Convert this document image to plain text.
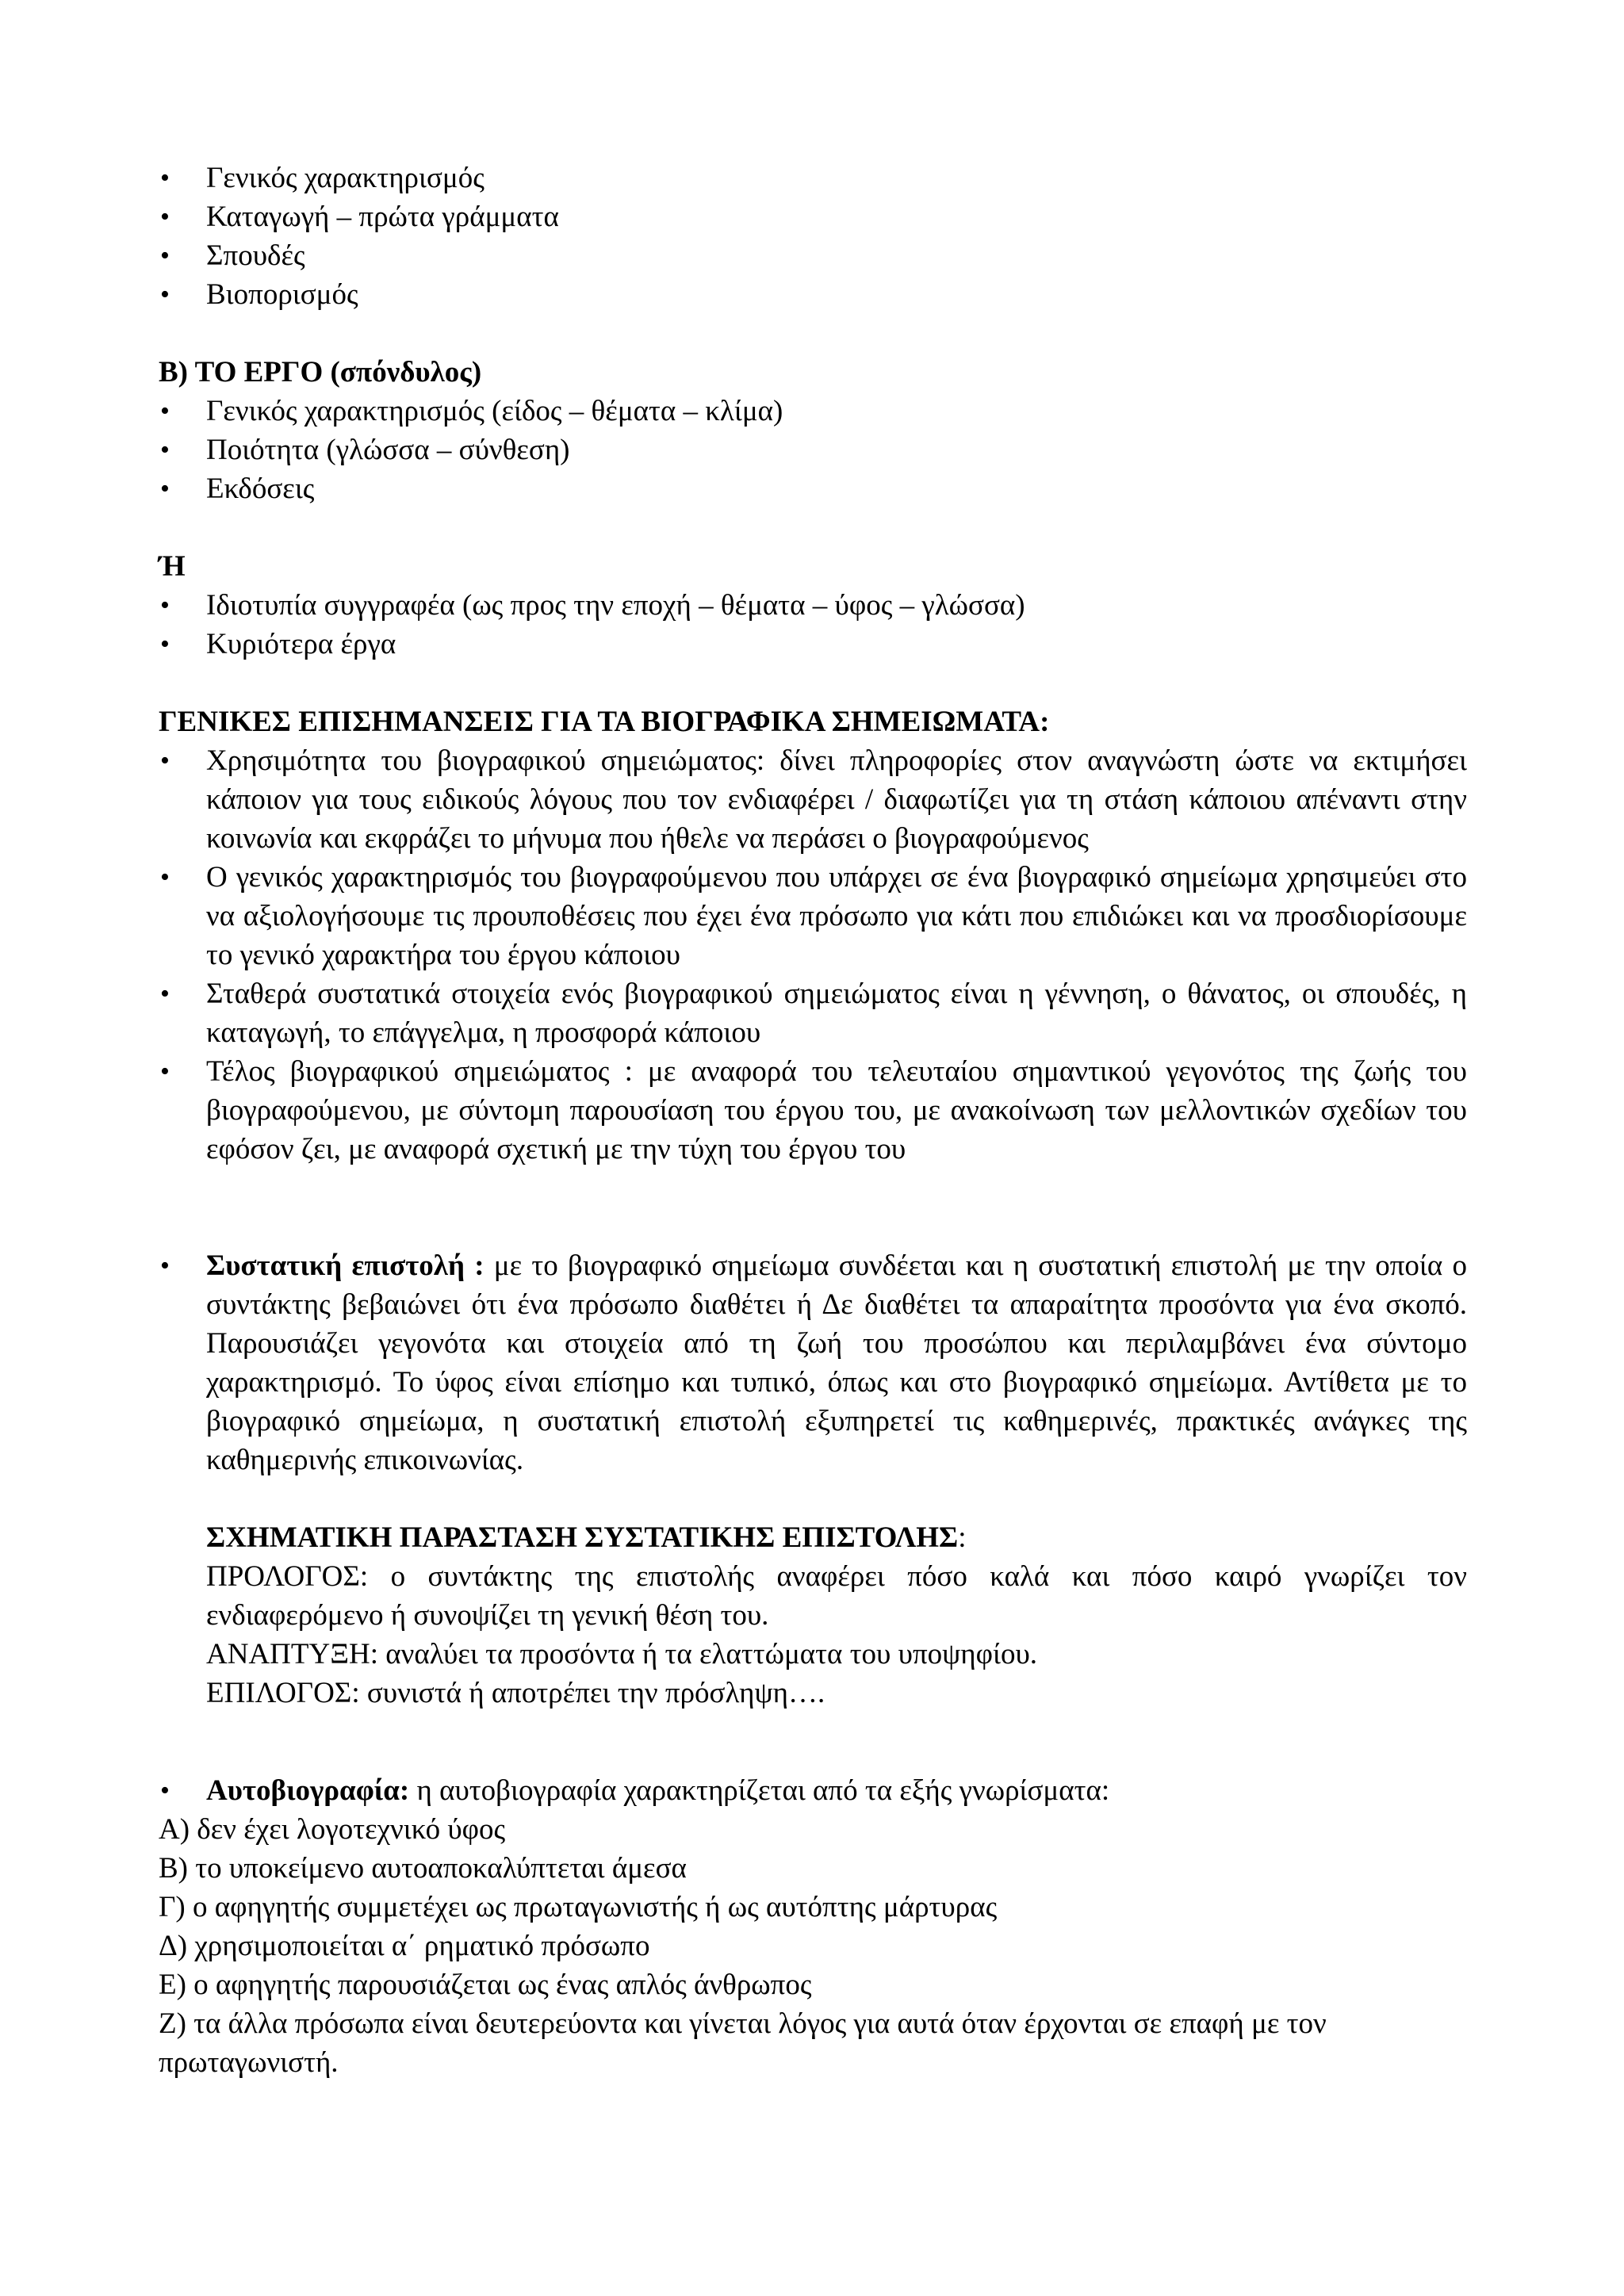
• Γενικός χαρακτηρισμός
• Καταγωγή – πρώτα γράμματα
• Σπουδές
• Βιοπορισμός

Β) ΤΟ ΕΡΓΟ (σπόνδυλος)

• Γενικός χαρακτηρισμός (είδος – θέματα – κλίμα)
• Ποιότητα (γλώσσα – σύνθεση)
• Εκδόσεις

Ή

• Ιδιοτυπία συγγραφέα (ως προς την εποχή – θέματα – ύφος – γλώσσα)
• Κυριότερα έργα

ΓΕΝΙΚΕΣ ΕΠΙΣΗΜΑΝΣΕΙΣ ΓΙΑ ΤΑ ΒΙΟΓΡΑΦΙΚΑ ΣΗΜΕΙΩΜΑΤΑ:

• Χρησιμότητα του βιογραφικού σημειώματος: δίνει πληροφορίες στον αναγνώστη ώστε να εκτιμήσει κάποιον για τους ειδικούς λόγους που τον ενδιαφέρει / διαφωτίζει για τη στάση κάποιου απέναντι στην κοινωνία και εκφράζει το μήνυμα που ήθελε να περάσει ο βιογραφούμενος
• Ο γενικός χαρακτηρισμός του βιογραφούμενου που υπάρχει σε ένα βιογραφικό σημείωμα χρησιμεύει στο να αξιολογήσουμε τις προυποθέσεις που έχει ένα πρόσωπο για κάτι που επιδιώκει και να προσδιορίσουμε το γενικό χαρακτήρα του έργου κάποιου
• Σταθερά συστατικά στοιχεία ενός βιογραφικού σημειώματος είναι η γέννηση, ο θάνατος, οι σπουδές, η καταγωγή, το επάγγελμα, η προσφορά κάποιου
• Τέλος βιογραφικού σημειώματος : με αναφορά του τελευταίου σημαντικού γεγονότος της ζωής του βιογραφούμενου, με σύντομη παρουσίαση του έργου του, με ανακοίνωση των μελλοντικών σχεδίων του εφόσον ζει, με αναφορά σχετική με την τύχη του έργου του
• Συστατική επιστολή : με το βιογραφικό σημείωμα συνδέεται και η συστατική επιστολή με την οποία ο συντάκτης βεβαιώνει ότι ένα πρόσωπο διαθέτει ή Δε διαθέτει τα απαραίτητα προσόντα για ένα σκοπό. Παρουσιάζει γεγονότα και στοιχεία από τη ζωή του προσώπου και περιλαμβάνει ένα σύντομο χαρακτηρισμό. Το ύφος είναι επίσημο και τυπικό, όπως και στο βιογραφικό σημείωμα. Αντίθετα με το βιογραφικό σημείωμα, η συστατική επιστολή εξυπηρετεί τις καθημερινές, πρακτικές ανάγκες της καθημερινής επικοινωνίας.

ΣΧΗΜΑΤΙΚΗ ΠΑΡΑΣΤΑΣΗ ΣΥΣΤΑΤΙΚΗΣ ΕΠΙΣΤΟΛΗΣ:

ΠΡΟΛΟΓΟΣ: ο συντάκτης της επιστολής αναφέρει πόσο καλά και πόσο καιρό γνωρίζει τον ενδιαφερόμενο ή συνοψίζει τη γενική θέση του.

ΑΝΑΠΤΥΞΗ: αναλύει τα προσόντα ή τα ελαττώματα του υποψηφίου.

ΕΠΙΛΟΓΟΣ: συνιστά ή αποτρέπει την πρόσληψη….

• Αυτοβιογραφία: η αυτοβιογραφία χαρακτηρίζεται από τα εξής γνωρίσματα:

Α) δεν έχει λογοτεχνικό ύφος

Β) το υποκείμενο αυτοαποκαλύπτεται άμεσα

Γ) ο αφηγητής συμμετέχει ως πρωταγωνιστής ή ως αυτόπτης μάρτυρας

Δ) χρησιμοποιείται α΄ ρηματικό πρόσωπο

Ε) ο αφηγητής παρουσιάζεται ως ένας απλός άνθρωπος

Ζ) τα άλλα πρόσωπα είναι δευτερεύοντα και γίνεται λόγος για αυτά όταν έρχονται σε επαφή με τον πρωταγωνιστή.
